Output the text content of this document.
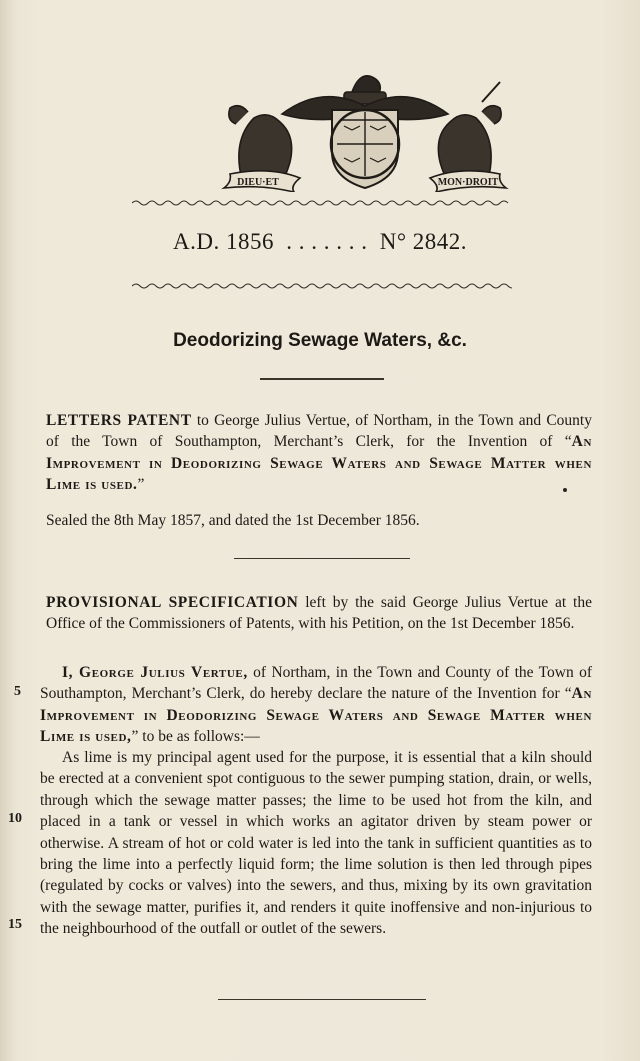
DIEU·ET	MON·DROIT
A.D. 1856 . . . . . . . N° 2842.
Deodorizing Sewage Waters, &c.
LETTERS PATENT to George Julius Vertue, of Northam, in the Town and County of the Town of Southampton, Merchant’s Clerk, for the Invention of “An Improvement in Deodorizing Sewage Waters and Sewage Matter when Lime is used.”
Sealed the 8th May 1857, and dated the 1st December 1856.
PROVISIONAL SPECIFICATION left by the said George Julius Vertue at the Office of the Commissioners of Patents, with his Petition, on the 1st December 1856.
I, George Julius Vertue, of Northam, in the Town and County of the Town of Southampton, Merchant’s Clerk, do hereby declare the nature of the Invention for “An Improvement in Deodorizing Sewage Waters and Sewage Matter when Lime is used,” to be as follows:—
As lime is my principal agent used for the purpose, it is essential that a kiln should be erected at a convenient spot contiguous to the sewer pumping station, drain, or wells, through which the sewage matter passes; the lime to be used hot from the kiln, and placed in a tank or vessel in which works an agitator driven by steam power or otherwise. A stream of hot or cold water is led into the tank in sufficient quantities as to bring the lime into a perfectly liquid form; the lime solution is then led through pipes (regulated by cocks or valves) into the sewers, and thus, mixing by its own gravitation with the sewage matter, purifies it, and renders it quite inoffensive and non-injurious to the neighbourhood of the outfall or outlet of the sewers.
5
10
15
